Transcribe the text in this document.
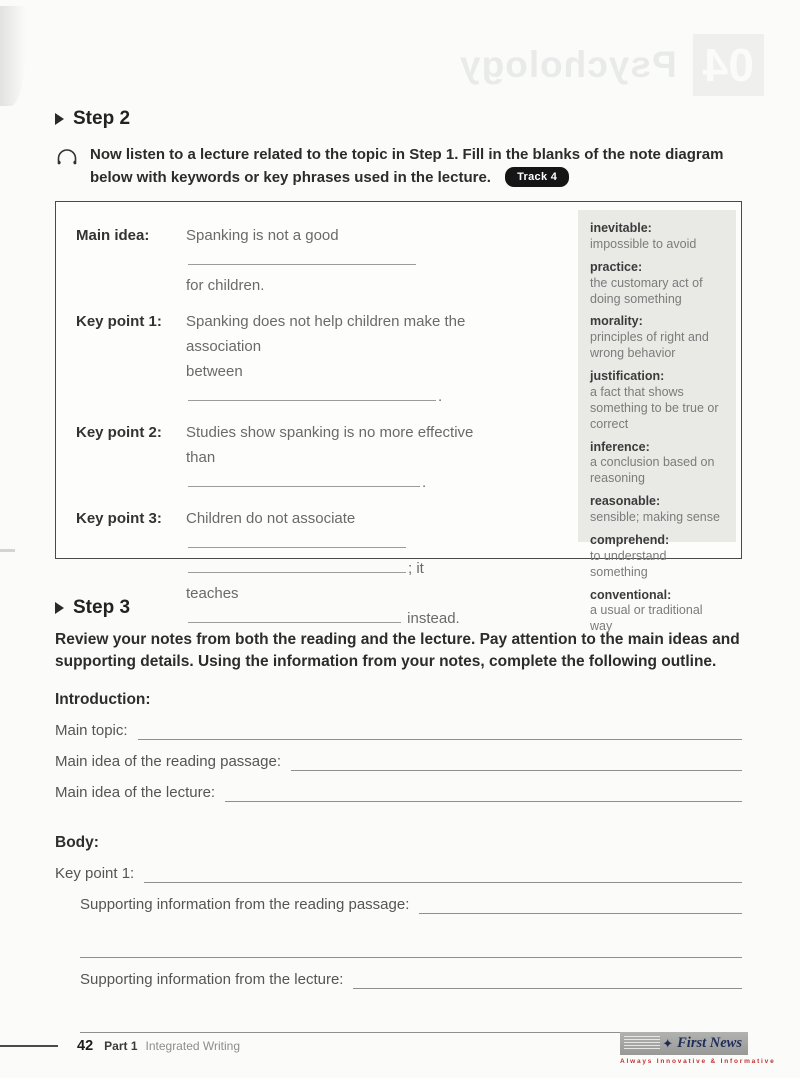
04
Psychology
Step 2

Now listen to a lecture related to the topic in Step 1. Fill in the blanks of the note diagram below with keywords or key phrases used in the lecture. Track 4

Main idea:	Spanking is not a good
for children.
Key point 1:	Spanking does not help children make the association
between.
Key point 2:	Studies show spanking is no more effective than
.
Key point 3:	Children do not associate
; it teaches
instead.
inevitable:
impossible to avoid
practice:
the customary act of doing something
morality:
principles of right and wrong behavior
justification:
a fact that shows something to be true or correct
inference:
a conclusion based on reasoning
reasonable:
sensible; making sense
comprehend:
to understand something
conventional:
a usual or traditional way
Step 3

Review your notes from both the reading and the lecture. Pay attention to the main ideas and supporting details. Using the information from your notes, complete the following outline.

Introduction:
Main topic:
Main idea of the reading passage:
Main idea of the lecture:
Body:
Key point 1:
Supporting information from the reading passage:
Supporting information from the lecture:
42 Part 1 Integrated Writing	✦ First News
Always Innovative & Informative
